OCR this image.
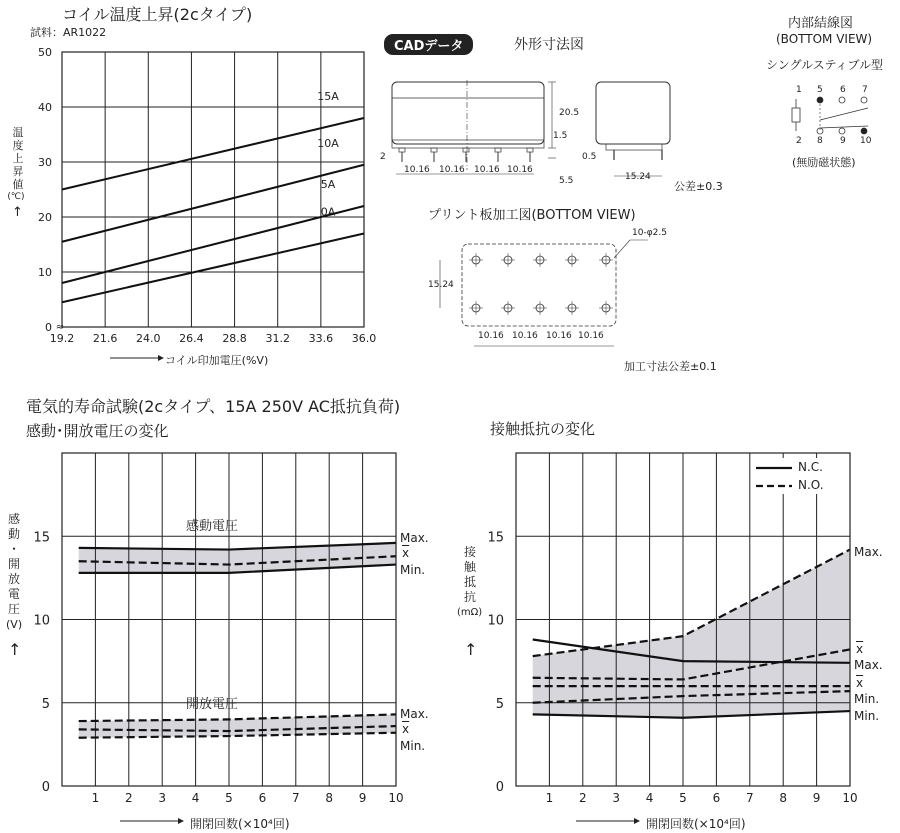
コイル温度上昇(2cタイプ)
試料：AR1022
15A
10A
5A
0A
19.2 21.6 24.0 26.4 28.8 31.2 33.6 36.0
0
10
20
30
40
50
≈
温
度
上
昇
値
(℃)
↑
コイル印加電圧(%V)
CADデータ	外形寸法図
20.5
1.5
2
5.5
10.16 10.16 10.16 10.16
0.5
15.24
公差±0.3
プリント板加工図(BOTTOM VIEW)
10-φ2.5
15.24
10.16 10.16 10.16 10.16
加工寸法公差±0.1
内部結線図
(BOTTOM VIEW)
シングルスティブル型
1 5 6 7
2 8 9 10
(無励磁状態)
電気的寿命試験(2cタイプ、15A 250V AC抵抗負荷)
感動･開放電圧の変化	接触抵抗の変化
1 2 3 4 5 6 7 8 9 10
0
5
10
15
感動電圧
開放電圧
Max.
$\overline{x}$
Min.
Max.
$\overline{x}$
Min.
感
動
・
開
放
電
圧
(V)
↑
開閉回数(×10⁴回)
1 2 3 4 5 6 7 8 9 10
0
5
10
15
N.C.
N.O.
Max.
$\overline{x}$
Max.
$\overline{x}$
Min.
Min.
接
触
抵
抗
(mΩ)
↑
開閉回数(×10⁴回)
